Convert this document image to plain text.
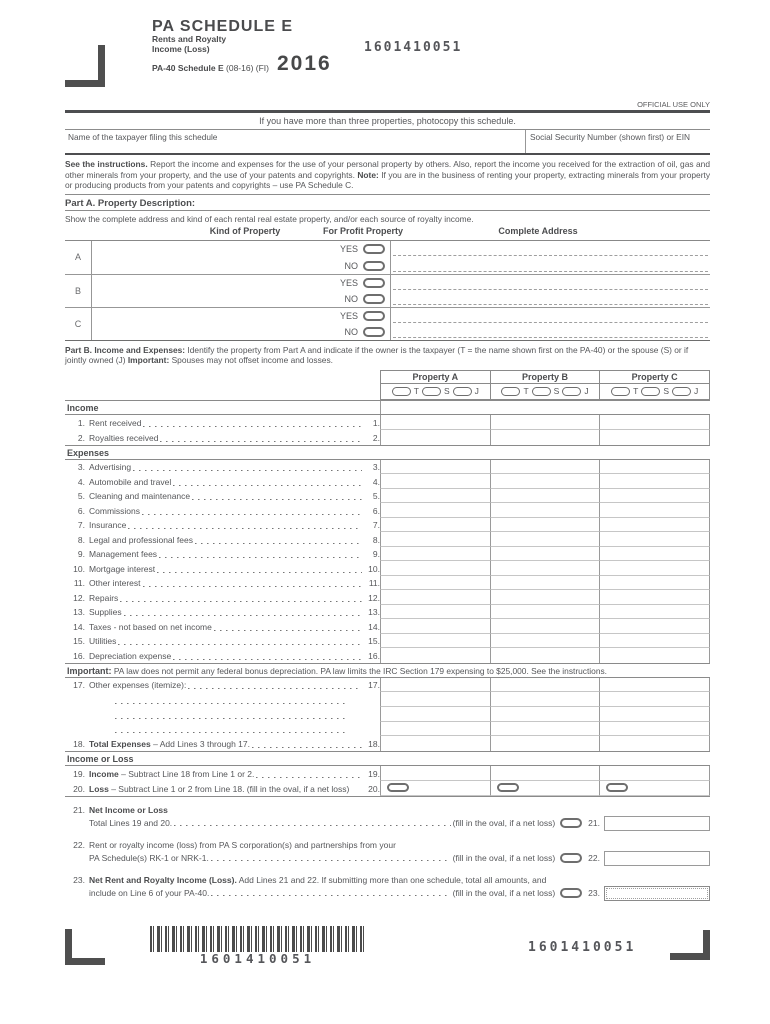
1601410051
PA SCHEDULE E
Rents and Royalty
Income (Loss)
PA-40 Schedule E (08-16) (FI) 2016
OFFICIAL USE ONLY
If you have more than three properties, photocopy this schedule.
Name of the taxpayer filing this schedule	Social Security Number (shown first) or EIN
See the instructions. Report the income and expenses for the use of your personal property by others. Also, report the income you received for the extraction of oil, gas and other minerals from your property, and the use of your patents and copyrights. Note: If you are in the business of renting your property, extracting minerals from your property or producing products from your patents and copyrights – use PA Schedule C.
Part A. Property Description:
Show the complete address and kind of each rental real estate property, and/or each source of royalty income.
Kind of Property	For Profit Property	Complete Address
A
YES
NO
B
YES
NO
C
YES
NO
Part B. Income and Expenses: Identify the property from Part A and indicate if the owner is the taxpayer (T = the name shown first on the PA-40) or the spouse (S) or if jointly owned (J) Important: Spouses may not offset income and losses.
Property A	Property B	Property C
T	S	J	T	S	J	T	S	J
Income
1. Rent received	1.
2. Royalties received	2.
Expenses
3. Advertising	3.
4. Automobile and travel	4.
5. Cleaning and maintenance	5.
6. Commissions	6.
7. Insurance	7.
8. Legal and professional fees	8.
9. Management fees	9.
10. Mortgage interest	10.
11. Other interest	11.
12. Repairs	12.
13. Supplies	13.
14. Taxes - not based on net income	14.
15. Utilities	15.
16. Depreciation expense	16.
Important: PA law does not permit any federal bonus depreciation. PA law limits the IRC Section 179 expensing to $25,000. See the instructions.
17. Other expenses (itemize):	17.
18. Total Expenses – Add Lines 3 through 17.	18.
Income or Loss
19. Income – Subtract Line 18 from Line 1 or 2.	19.
20. Loss – Subtract Line 1 or 2 from Line 18. (fill in the oval, if a net loss)	20.
21. Net Income or Loss
Total Lines 19 and 20.	(fill in the oval, if a net loss)	21.
22. Rent or royalty income (loss) from PA S corporation(s) and partnerships from your
PA Schedule(s) RK-1 or NRK-1.	(fill in the oval, if a net loss)	22.
23. Net Rent and Royalty Income (Loss). Add Lines 21 and 22. If submitting more than one schedule, total all amounts, and
include on Line 6 of your PA-40.	(fill in the oval, if a net loss)	23.
1601410051
1601410051
